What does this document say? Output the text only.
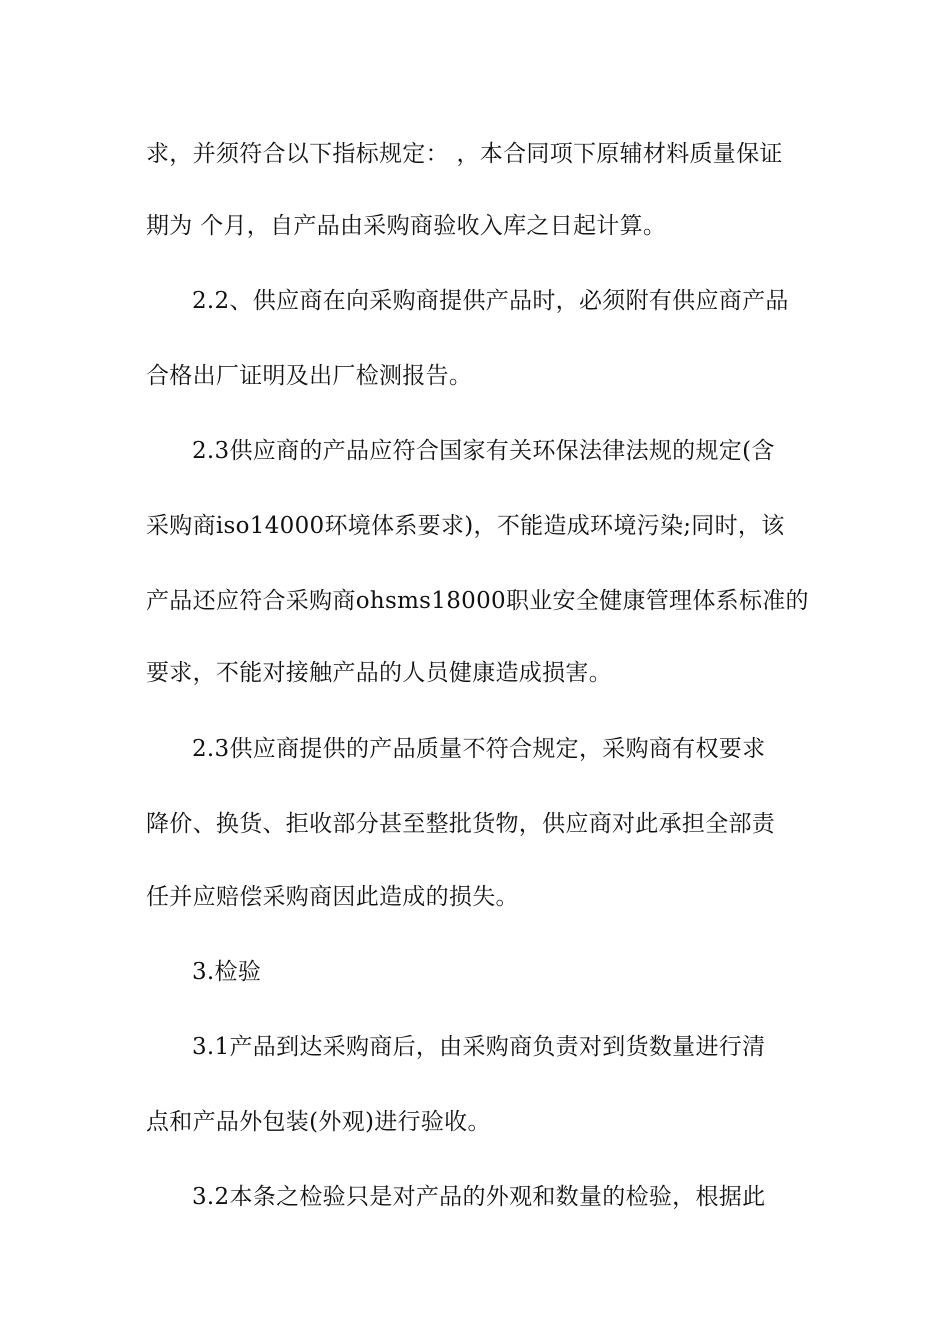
求，并须符合以下指标规定： ，本合同项下原辅材料质量保证
期为 个月，自产品由采购商验收入库之日起计算。
2.2、供应商在向采购商提供产品时，必须附有供应商产品
合格出厂证明及出厂检测报告。
2.3供应商的产品应符合国家有关环保法律法规的规定(含
采购商iso14000环境体系要求)，不能造成环境污染;同时，该
产品还应符合采购商ohsms18000职业安全健康管理体系标准的
要求，不能对接触产品的人员健康造成损害。
2.3供应商提供的产品质量不符合规定，采购商有权要求
降价、换货、拒收部分甚至整批货物，供应商对此承担全部责
任并应赔偿采购商因此造成的损失。
3.检验
3.1产品到达采购商后，由采购商负责对到货数量进行清
点和产品外包装(外观)进行验收。
3.2本条之检验只是对产品的外观和数量的检验，根据此
